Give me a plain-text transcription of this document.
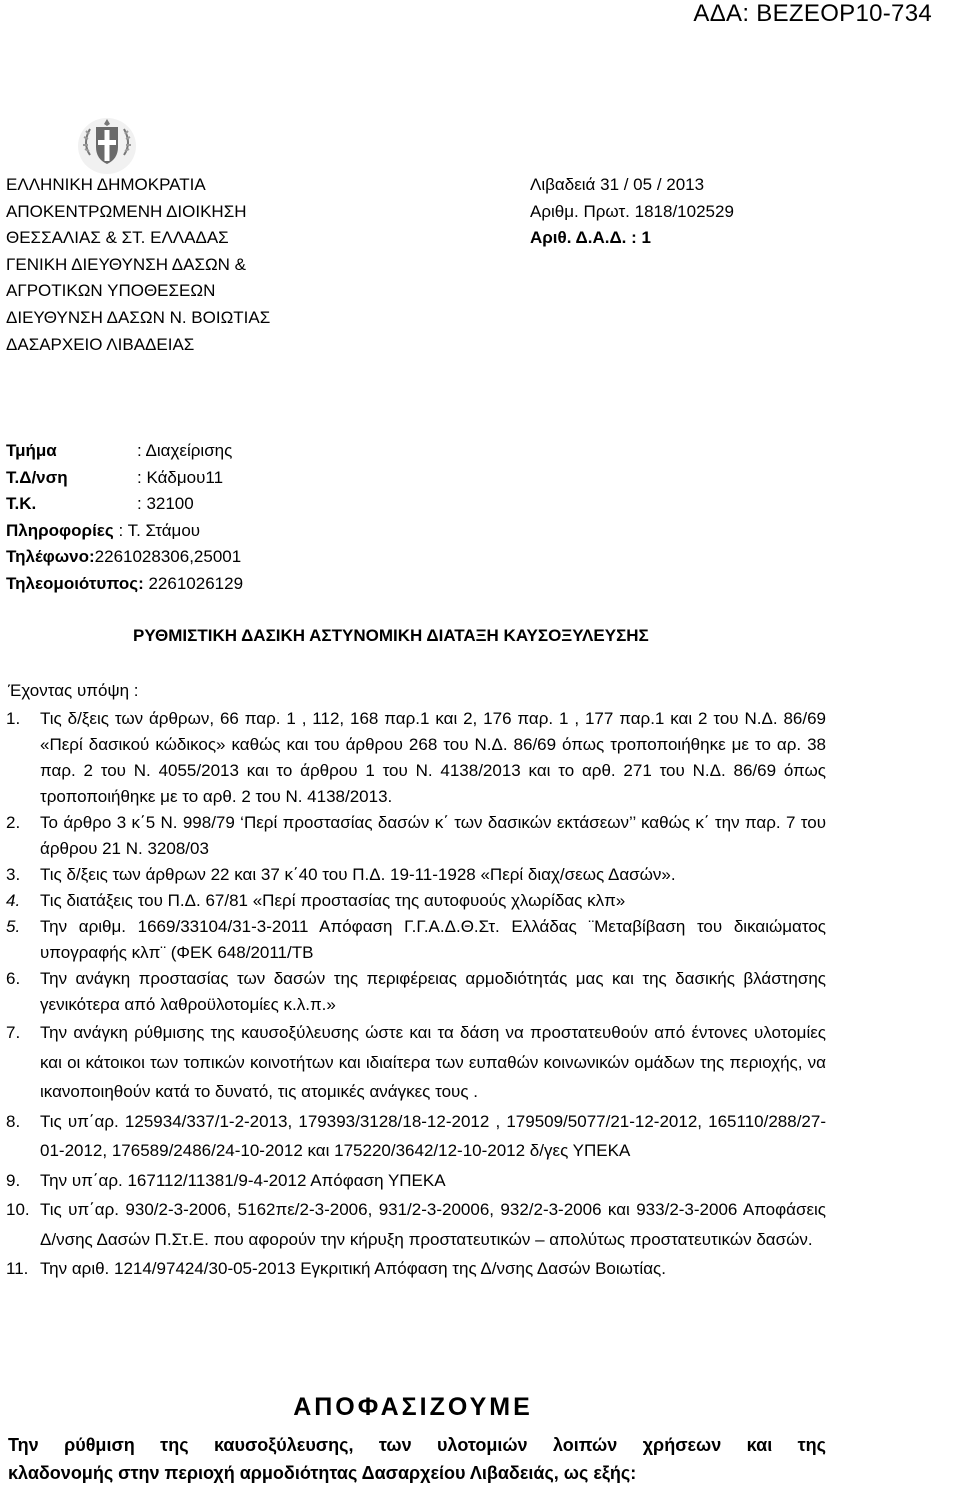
ΑΔΑ: ΒΕΖΕΟΡ10-734
ΕΛΛΗΝΙΚΗ ΔΗΜΟΚΡΑΤΙΑ
ΑΠΟΚΕΝΤΡΩΜΕΝΗ ΔΙΟΙΚΗΣΗ
ΘΕΣΣΑΛΙΑΣ & ΣΤ. ΕΛΛΑΔΑΣ
ΓΕΝΙΚΗ ΔΙΕΥΘΥΝΣΗ ΔΑΣΩΝ &
ΑΓΡΟΤΙΚΩΝ ΥΠΟΘΕΣΕΩΝ
ΔΙΕΥΘΥΝΣΗ ΔΑΣΩΝ Ν. ΒΟΙΩΤΙΑΣ
ΔΑΣΑΡΧΕΙΟ ΛΙΒΑΔΕΙΑΣ
Λιβαδειά 31 / 05 / 2013
Αριθμ. Πρωτ. 1818/102529
Αριθ. Δ.Α.Δ. : 1
Τμήμα	: Διαχείρισης
Τ.Δ/νση	: Κάδμου11
Τ.Κ.	: 32100
Πληροφορίες : Τ. Στάμου
Τηλέφωνο:2261028306,25001
Τηλεομοιότυπος: 2261026129
ΡΥΘΜΙΣΤΙΚΗ ΔΑΣΙΚΗ ΑΣΤΥΝΟΜΙΚΗ ΔΙΑΤΑΞΗ ΚΑΥΣΟΞΥΛΕΥΣΗΣ
Έχοντας υπόψη :
1. Τις δ/ξεις των άρθρων, 66 παρ. 1 , 112, 168 παρ.1 και 2, 176 παρ. 1 , 177 παρ.1 και 2 του Ν.Δ. 86/69 «Περί δασικού κώδικος» καθώς και του άρθρου 268 του Ν.Δ. 86/69 όπως τροποποιήθηκε με το αρ. 38 παρ. 2 του Ν. 4055/2013 και το άρθρου 1 του Ν. 4138/2013 και το αρθ. 271 του Ν.Δ. 86/69 όπως τροποποιήθηκε με το αρθ. 2 του Ν. 4138/2013.
2. Το άρθρο 3 κ΄5 Ν. 998/79 ‘Περί προστασίας δασών κ΄ των δασικών εκτάσεων’’ καθώς κ΄ την παρ. 7 του άρθρου 21 Ν. 3208/03
3. Τις δ/ξεις των άρθρων 22 και 37 κ΄40 του Π.Δ. 19-11-1928 «Περί διαχ/σεως Δασών».
4. Τις διατάξεις του Π.Δ. 67/81 «Περί προστασίας της αυτοφυούς χλωρίδας κλπ»
5. Την αριθμ. 1669/33104/31-3-2011 Απόφαση Γ.Γ.Α.Δ.Θ.Στ. Ελλάδας ¨Μεταβίβαση του δικαιώματος υπογραφής κλπ¨ (ΦΕΚ 648/2011/ΤΒ
6. Την ανάγκη προστασίας των δασών της περιφέρειας αρμοδιότητάς μας και της δασικής βλάστησης γενικότερα από λαθροϋλοτομίες κ.λ.π.»
7. Την ανάγκη ρύθμισης της καυσοξύλευσης ώστε και τα δάση να προστατευθούν από έντονες υλοτομίες και οι κάτοικοι των τοπικών κοινοτήτων και ιδιαίτερα των ευπαθών κοινωνικών ομάδων της περιοχής, να ικανοποιηθούν κατά το δυνατό, τις ατομικές ανάγκες τους .
8. Τις υπ΄αρ. 125934/337/1-2-2013, 179393/3128/18-12-2012 , 179509/5077/21-12-2012, 165110/288/27-01-2012, 176589/2486/24-10-2012 και 175220/3642/12-10-2012 δ/γες ΥΠΕΚΑ
9. Την υπ΄αρ. 167112/11381/9-4-2012 Απόφαση ΥΠΕΚΑ
10. Τις υπ΄αρ. 930/2-3-2006, 5162πε/2-3-2006, 931/2-3-20006, 932/2-3-2006 και 933/2-3-2006 Αποφάσεις Δ/νσης Δασών Π.Στ.Ε. που αφορούν την κήρυξη προστατευτικών – απολύτως προστατευτικών δασών.
11. Την αριθ. 1214/97424/30-05-2013 Εγκριτική Απόφαση της Δ/νσης Δασών Βοιωτίας.
ΑΠΟΦΑΣΙΖΟΥΜΕ
Την ρύθμιση της καυσοξύλευσης, των υλοτομιών λοιπών χρήσεων και της
κλαδονομής στην περιοχή αρμοδιότητας Δασαρχείου Λιβαδειάς, ως εξής:
